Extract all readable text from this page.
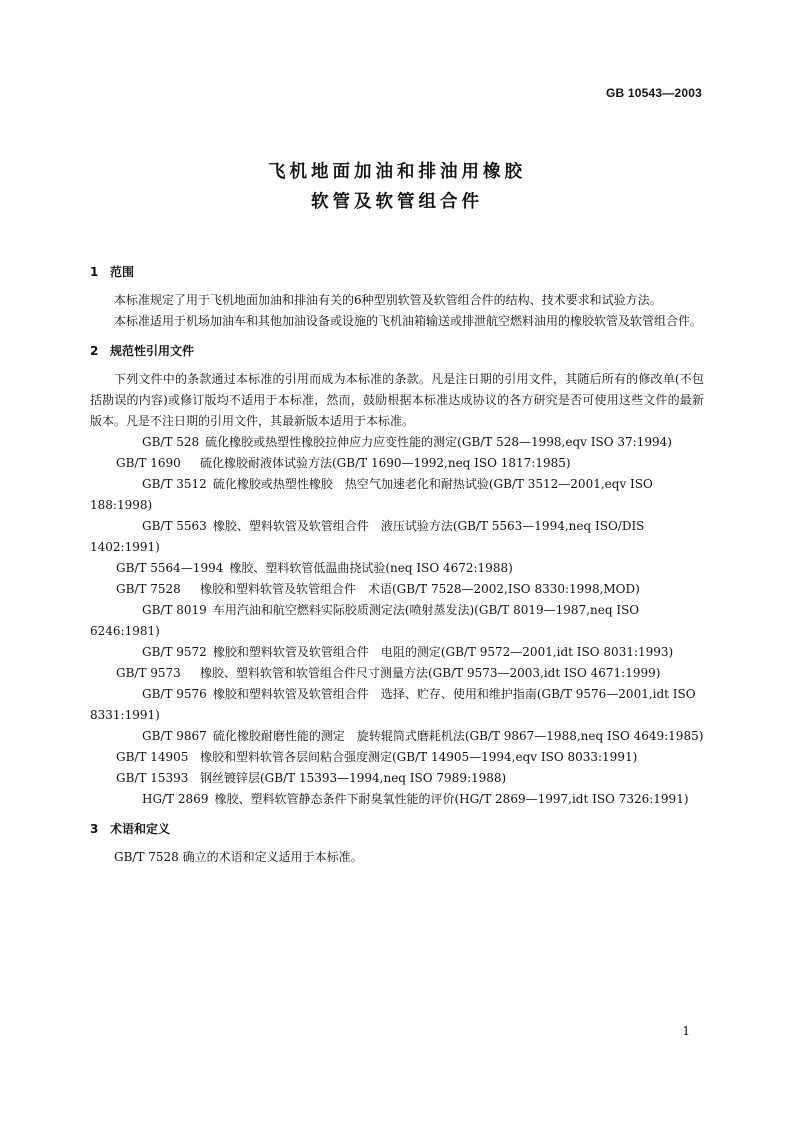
GB 10543—2003
飞机地面加油和排油用橡胶
软管及软管组合件
1 范围

本标准规定了用于飞机地面加油和排油有关的6种型别软管及软管组合件的结构、技术要求和试验方法。

本标准适用于机场加油车和其他加油设备或设施的飞机油箱输送或排泄航空燃料油用的橡胶软管及软管组合件。

2 规范性引用文件

下列文件中的条款通过本标准的引用而成为本标准的条款。凡是注日期的引用文件，其随后所有的修改单(不包括勘误的内容)或修订版均不适用于本标准，然而，鼓励根据本标准达成协议的各方研究是否可使用这些文件的最新版本。凡是不注日期的引用文件，其最新版本适用于本标准。

GB/T 528 硫化橡胶或热塑性橡胶拉伸应力应变性能的测定(GB/T 528—1998,eqv ISO 37:1994)
GB/T 1690 硫化橡胶耐液体试验方法(GB/T 1690—1992,neq ISO 1817:1985)
GB/T 3512 硫化橡胶或热塑性橡胶　热空气加速老化和耐热试验(GB/T 3512—2001,eqv ISO 188:1998)
GB/T 5563 橡胶、塑料软管及软管组合件　液压试验方法(GB/T 5563—1994,neq ISO/DIS 1402:1991)
GB/T 5564—1994 橡胶、塑料软管低温曲挠试验(neq ISO 4672:1988)
GB/T 7528 橡胶和塑料软管及软管组合件　术语(GB/T 7528—2002,ISO 8330:1998,MOD)
GB/T 8019 车用汽油和航空燃料实际胶质测定法(喷射蒸发法)(GB/T 8019—1987,neq ISO 6246:1981)
GB/T 9572 橡胶和塑料软管及软管组合件　电阻的测定(GB/T 9572—2001,idt ISO 8031:1993)
GB/T 9573 橡胶、塑料软管和软管组合件尺寸测量方法(GB/T 9573—2003,idt ISO 4671:1999)
GB/T 9576 橡胶和塑料软管及软管组合件　选择、贮存、使用和维护指南(GB/T 9576—2001,idt ISO 8331:1991)
GB/T 9867 硫化橡胶耐磨性能的测定　旋转辊筒式磨耗机法(GB/T 9867—1988,neq ISO 4649:1985)
GB/T 14905 橡胶和塑料软管各层间粘合强度测定(GB/T 14905—1994,eqv ISO 8033:1991)
GB/T 15393 钢丝镀锌层(GB/T 15393—1994,neq ISO 7989:1988)
HG/T 2869 橡胶、塑料软管静态条件下耐臭氧性能的评价(HG/T 2869—1997,idt ISO 7326:1991)
3 术语和定义

GB/T 7528 确立的术语和定义适用于本标准。

1
